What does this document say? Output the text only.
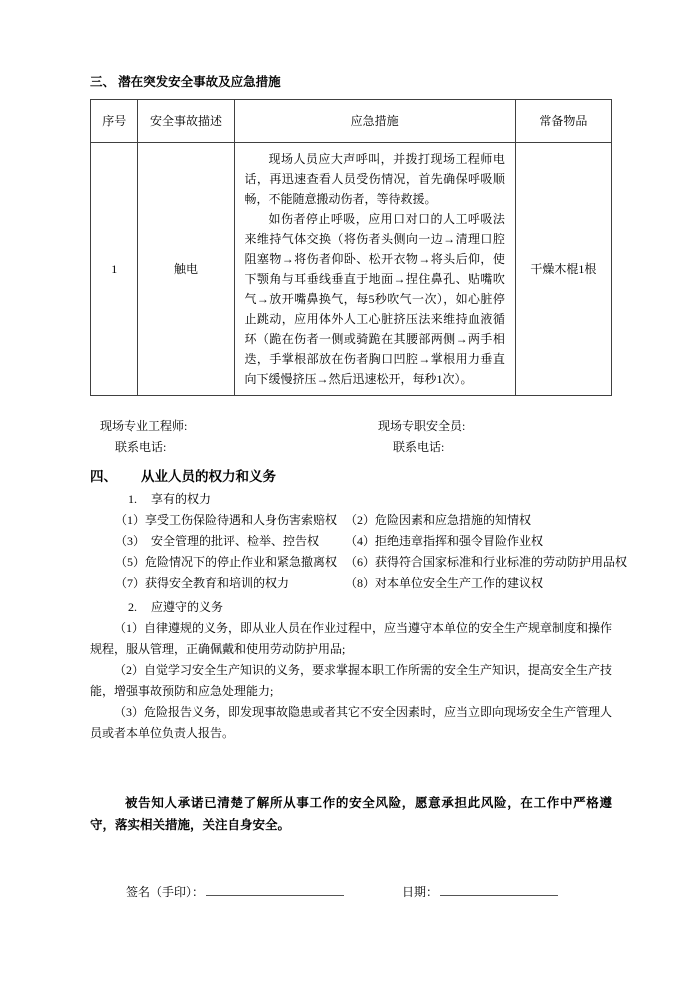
三、 潜在突发安全事故及应急措施
序号	安全事故描述	应急措施	常备物品
1	触电	现场人员应大声呼叫，并拨打现场工程师电话，再迅速查看人员受伤情况，首先确保呼吸顺畅，不能随意搬动伤者，等待救援。

如伤者停止呼吸，应用口对口的人工呼吸法来维持气体交换（将伤者头侧向一边→清理口腔阻塞物→将伤者仰卧、松开衣物→将头后仰，使下颚角与耳垂线垂直于地面→捏住鼻孔、贴嘴吹气→放开嘴鼻换气，每5秒吹气一次），如心脏停止跳动，应用体外人工心脏挤压法来维持血液循环（跪在伤者一侧或骑跪在其腰部两侧→两手相迭，手掌根部放在伤者胸口凹腔→掌根用力垂直向下缓慢挤压→然后迅速松开，每秒1次）。	干燥木棍1根
现场专业工程师:	现场专职安全员:
联系电话:	联系电话:
四、 从业人员的权力和义务
1. 享有的权力
（1）享受工伤保险待遇和人身伤害索赔权 （2）危险因素和应急措施的知情权
（3）  安全管理的批评、检举、控告权 （4）拒绝违章指挥和强令冒险作业权
（5）危险情况下的停止作业和紧急撤离权 （6）获得符合国家标准和行业标准的劳动防护用品权
（7）获得安全教育和培训的权力	（8）对本单位安全生产工作的建议权
2. 应遵守的义务

（1）自律遵规的义务，即从业人员在作业过程中，应当遵守本单位的安全生产规章制度和操作规程，服从管理，正确佩戴和使用劳动防护用品;

（2）自觉学习安全生产知识的义务，要求掌握本职工作所需的安全生产知识，提高安全生产技能，增强事故预防和应急处理能力;

（3）危险报告义务，即发现事故隐患或者其它不安全因素时，应当立即向现场安全生产管理人员或者本单位负责人报告。

被告知人承诺已清楚了解所从事工作的安全风险，愿意承担此风险，在工作中严格遵守，落实相关措施，关注自身安全。

签名（手印）：	日期：
